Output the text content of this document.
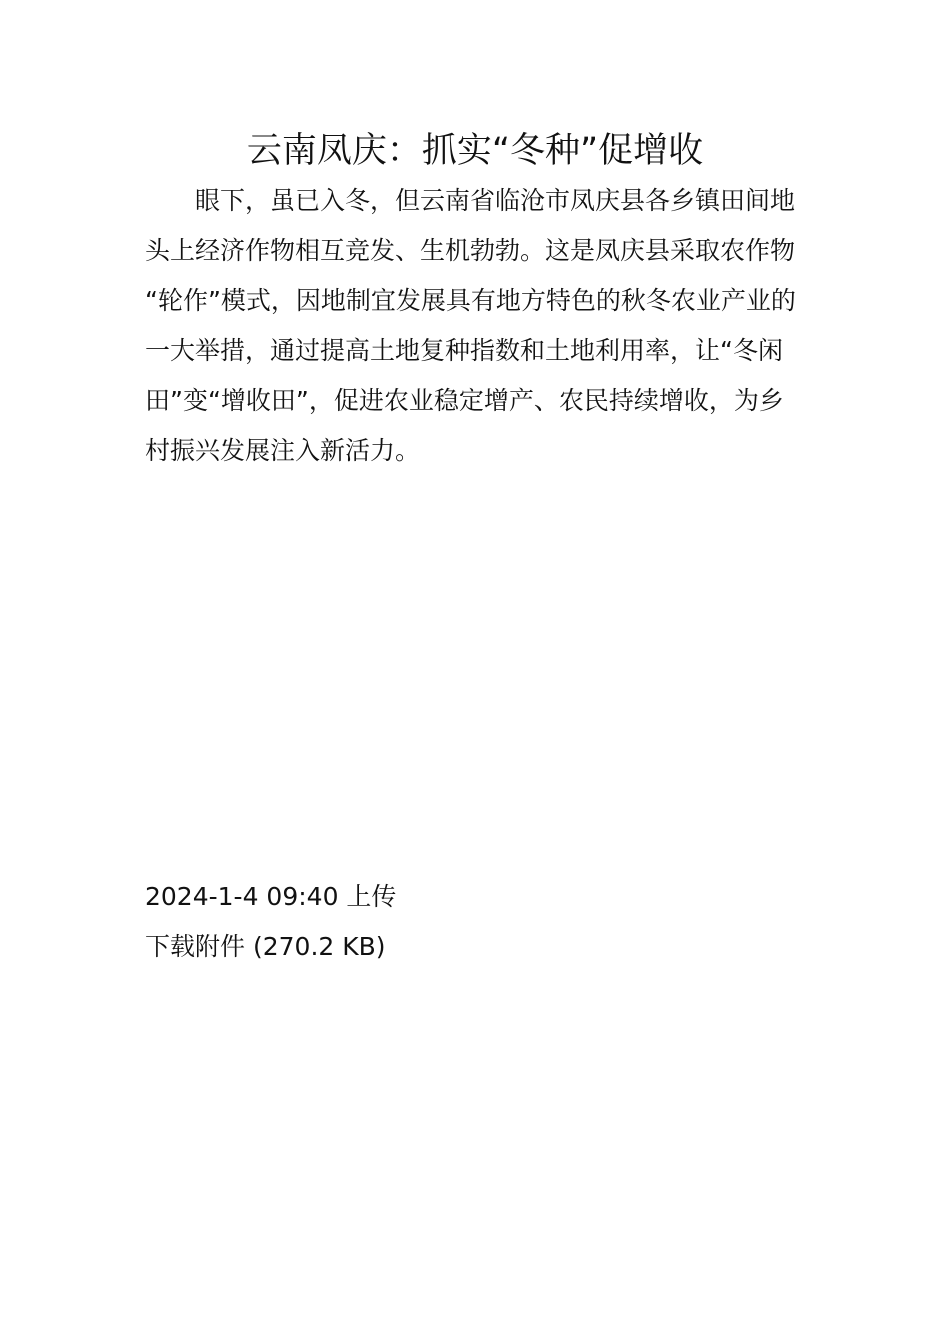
云南凤庆：抓实“冬种”促增收

眼下，虽已入冬，但云南省临沧市凤庆县各乡镇田间地头上经济作物相互竞发、生机勃勃。这是凤庆县采取农作物“轮作”模式，因地制宜发展具有地方特色的秋冬农业产业的一大举措，通过提高土地复种指数和土地利用率，让“冬闲田”变“增收田”，促进农业稳定增产、农民持续增收，为乡村振兴发展注入新活力。

2024-1-4 09:40 上传
下载附件 (270.2 KB)
